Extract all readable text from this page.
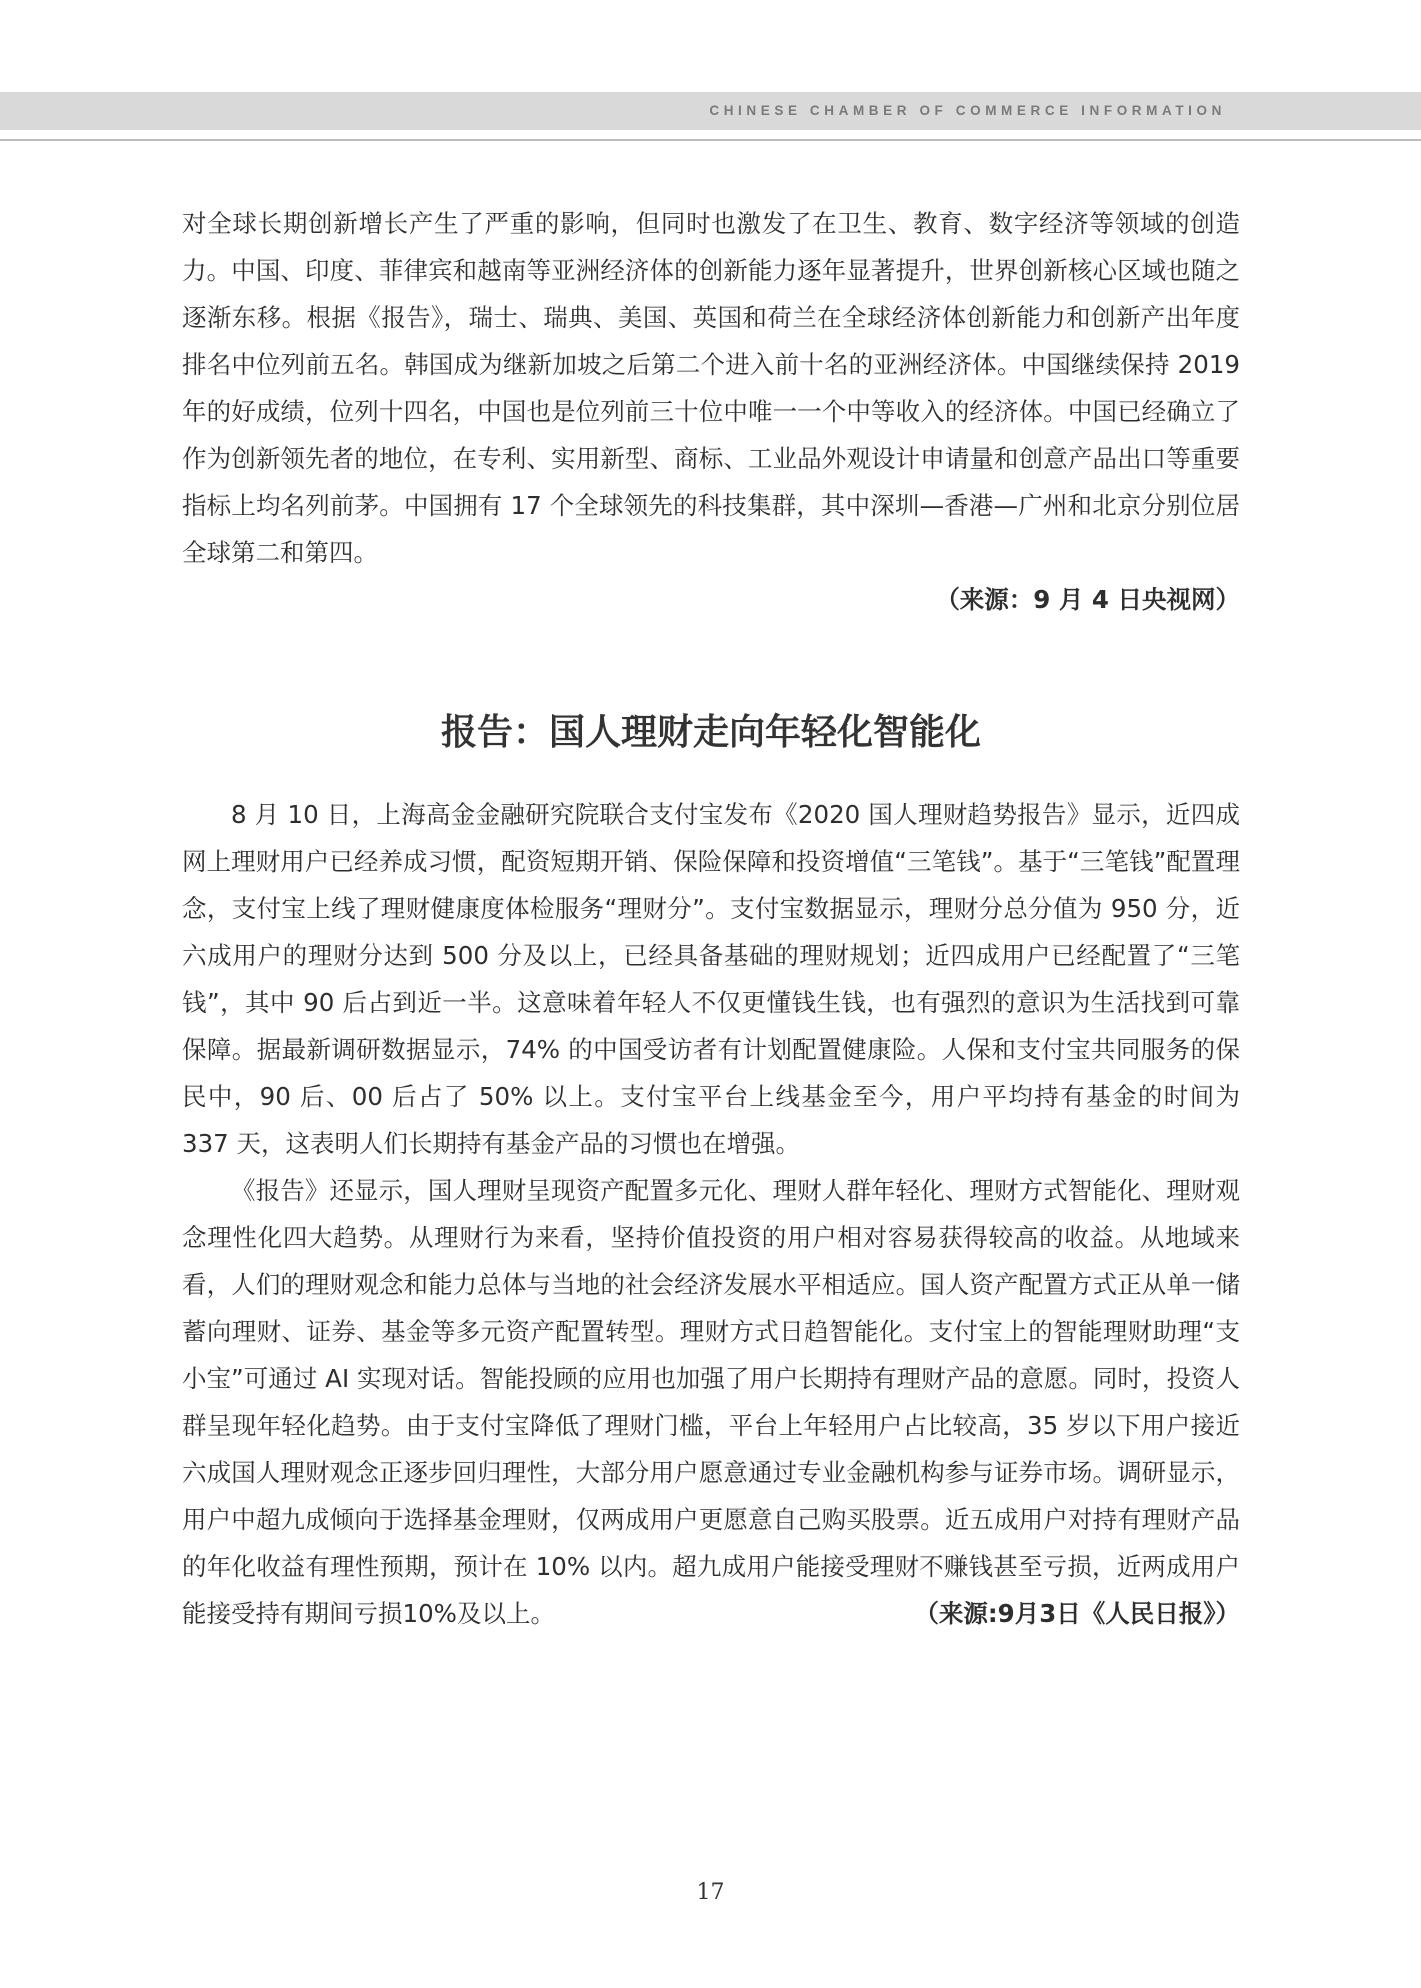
CHINESE CHAMBER OF COMMERCE INFORMATION

对全球长期创新增长产生了严重的影响，但同时也激发了在卫生、教育、数字经济等领域的创造力。中国、印度、菲律宾和越南等亚洲经济体的创新能力逐年显著提升，世界创新核心区域也随之逐渐东移。根据《报告》，瑞士、瑞典、美国、英国和荷兰在全球经济体创新能力和创新产出年度排名中位列前五名。韩国成为继新加坡之后第二个进入前十名的亚洲经济体。中国继续保持 2019 年的好成绩，位列十四名，中国也是位列前三十位中唯一一个中等收入的经济体。中国已经确立了作为创新领先者的地位，在专利、实用新型、商标、工业品外观设计申请量和创意产品出口等重要指标上均名列前茅。中国拥有 17 个全球领先的科技集群，其中深圳—香港—广州和北京分别位居全球第二和第四。

（来源：9 月 4 日央视网）

报告：国人理财走向年轻化智能化

8 月 10 日，上海高金金融研究院联合支付宝发布《2020 国人理财趋势报告》显示，近四成网上理财用户已经养成习惯，配资短期开销、保险保障和投资增值“三笔钱”。基于“三笔钱”配置理念，支付宝上线了理财健康度体检服务“理财分”。支付宝数据显示，理财分总分值为 950 分，近六成用户的理财分达到 500 分及以上，已经具备基础的理财规划；近四成用户已经配置了“三笔钱”，其中 90 后占到近一半。这意味着年轻人不仅更懂钱生钱，也有强烈的意识为生活找到可靠保障。据最新调研数据显示，74% 的中国受访者有计划配置健康险。人保和支付宝共同服务的保民中，90 后、00 后占了 50% 以上。支付宝平台上线基金至今，用户平均持有基金的时间为 337 天，这表明人们长期持有基金产品的习惯也在增强。

《报告》还显示，国人理财呈现资产配置多元化、理财人群年轻化、理财方式智能化、理财观念理性化四大趋势。从理财行为来看，坚持价值投资的用户相对容易获得较高的收益。从地域来看，人们的理财观念和能力总体与当地的社会经济发展水平相适应。国人资产配置方式正从单一储蓄向理财、证券、基金等多元资产配置转型。理财方式日趋智能化。支付宝上的智能理财助理“支小宝”可通过 AI 实现对话。智能投顾的应用也加强了用户长期持有理财产品的意愿。同时，投资人群呈现年轻化趋势。由于支付宝降低了理财门槛，平台上年轻用户占比较高，35 岁以下用户接近六成国人理财观念正逐步回归理性，大部分用户愿意通过专业金融机构参与证券市场。调研显示，用户中超九成倾向于选择基金理财，仅两成用户更愿意自己购买股票。近五成用户对持有理财产品的年化收益有理性预期，预计在 10% 以内。超九成用户能接受理财不赚钱甚至亏损，近两成用户能接受持有期间亏损10%及以上。	（来源:9月3日《人民日报》）

17
